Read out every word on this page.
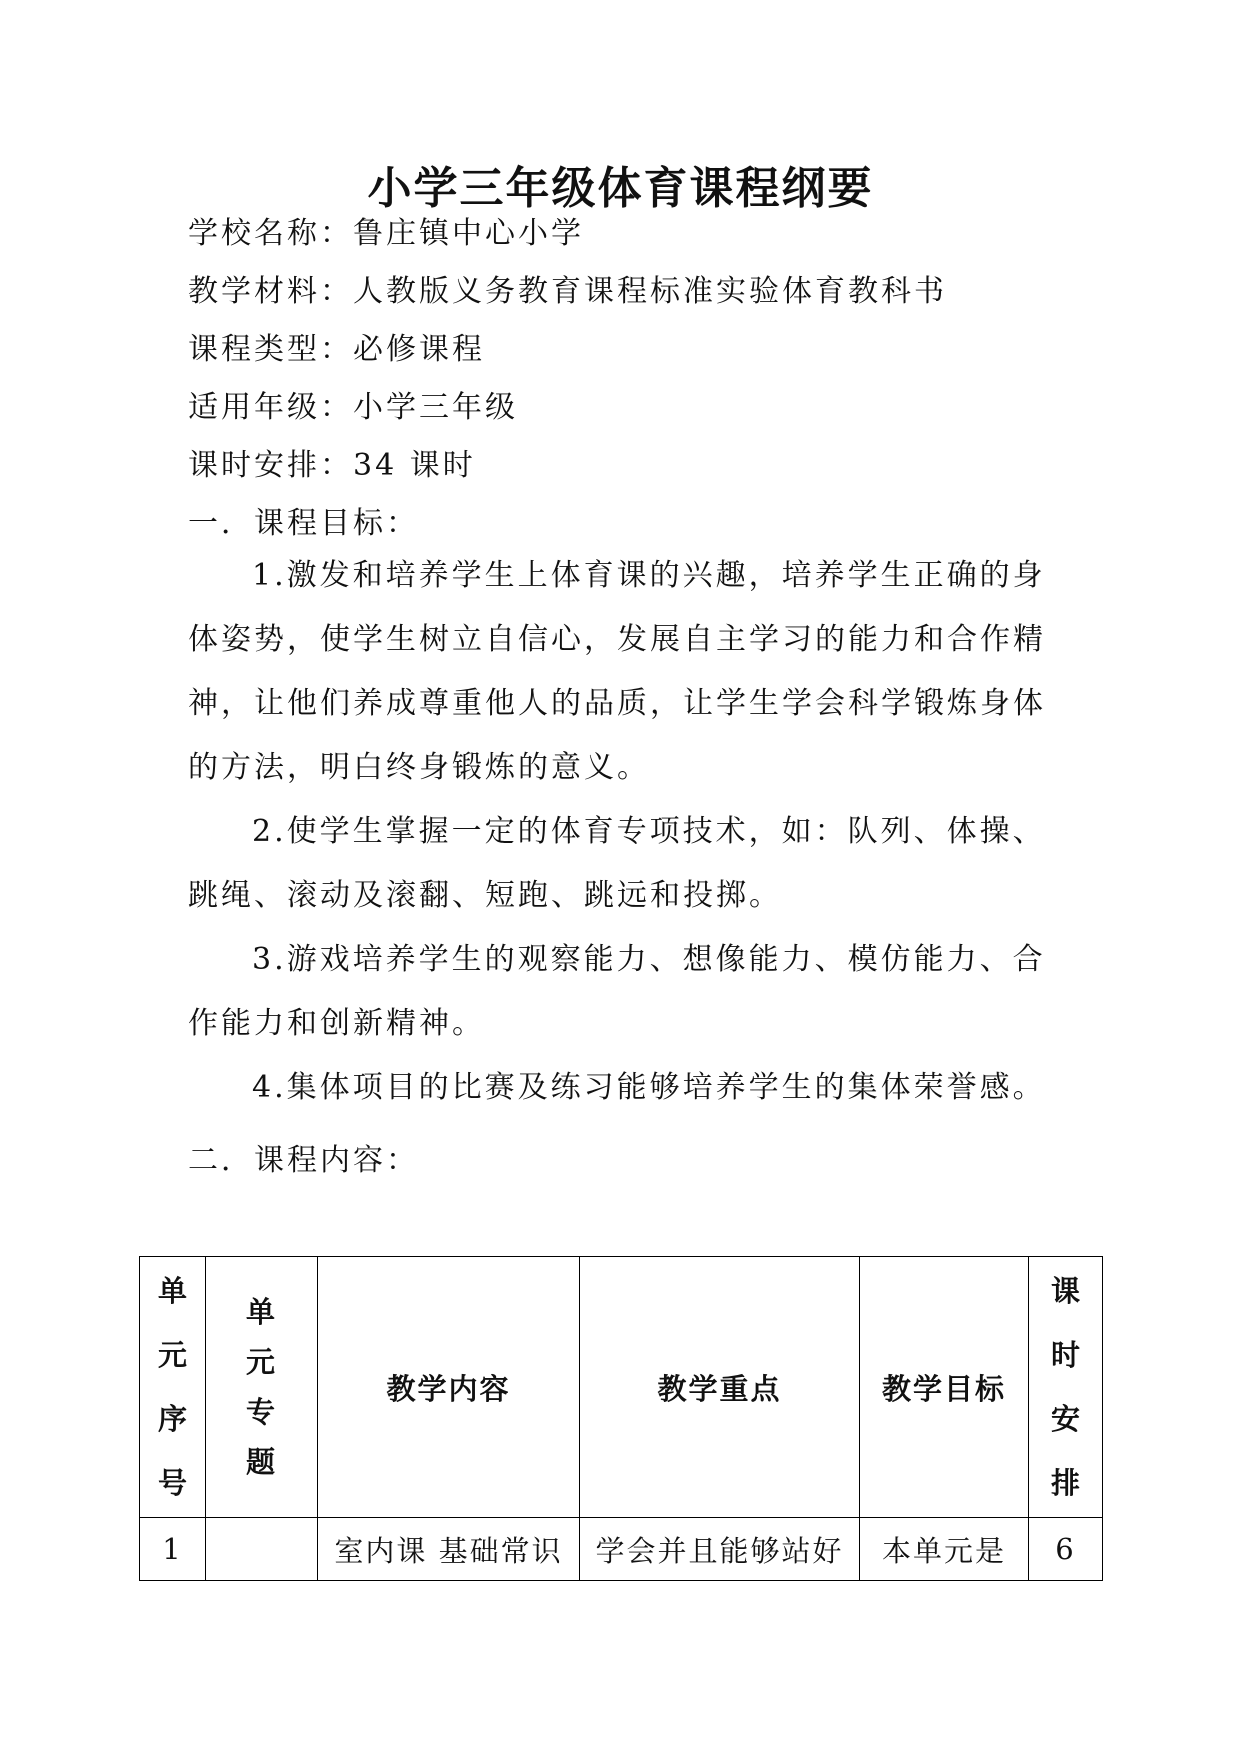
小学三年级体育课程纲要
学校名称：鲁庄镇中心小学
教学材料：人教版义务教育课程标准实验体育教科书
课程类型：必修课程
适用年级：小学三年级
课时安排：34 课时
一．课程目标：
1.激发和培养学生上体育课的兴趣，培养学生正确的身体姿势，使学生树立自信心，发展自主学习的能力和合作精神，让他们养成尊重他人的品质，让学生学会科学锻炼身体的方法，明白终身锻炼的意义。
2.使学生掌握一定的体育专项技术，如：队列、体操、跳绳、滚动及滚翻、短跑、跳远和投掷。
3.游戏培养学生的观察能力、想像能力、模仿能力、合作能力和创新精神。
4.集体项目的比赛及练习能够培养学生的集体荣誉感。
二．课程内容：
单元序号	单元专题	教学内容	教学重点	教学目标	课时安排

1		室内课 基础常识	学会并且能够站好	本单元是	6
